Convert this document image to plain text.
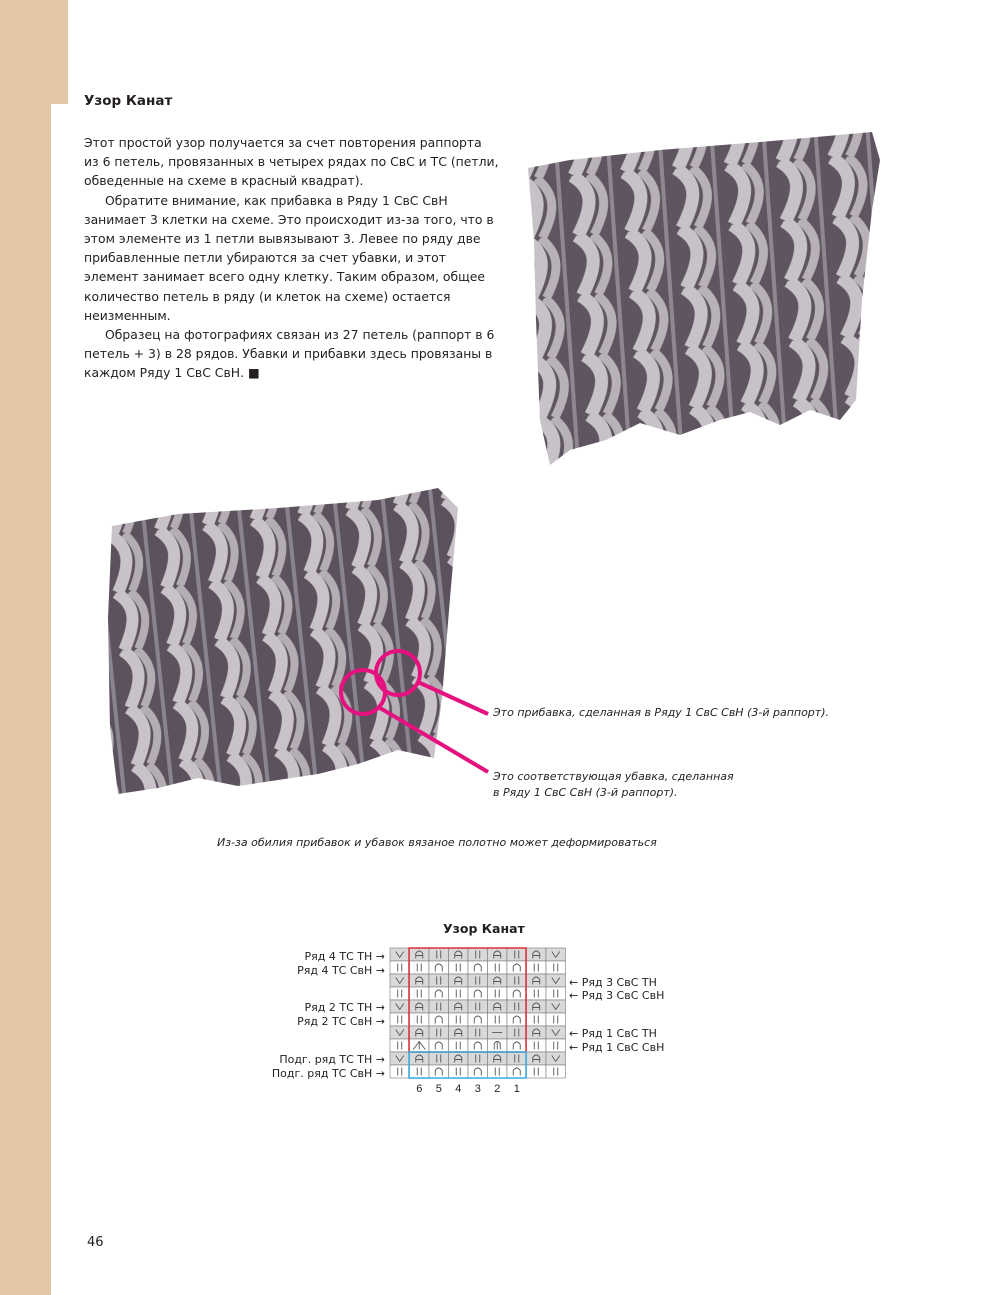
Узор Канат

Этот простой узор получается за счет повторения раппорта из 6 петель, провязанных в четырех рядах по СвС и ТС (петли, обведенные на схеме в красный квадрат).

Обратите внимание, как прибавка в Ряду 1 СвС СвН занимает 3 клетки на схеме. Это происходит из-за того, что в этом элементе из 1 петли вывязывают 3. Левее по ряду две прибавленные петли убираются за счет убавки, и этот элемент занимает всего одну клетку. Таким образом, общее количество петель в ряду (и клеток на схеме) остается неизменным.

Образец на фотографиях связан из 27 петель (раппорт в 6 петель + 3) в 28 рядов. Убавки и прибавки здесь провязаны в каждом Ряду 1 СвС СвН. ■

Это прибавка, сделанная в Ряду 1 СвС СвН (3-й раппорт).
Это соответствующая убавка, сделанная
в Ряду 1 СвС СвН (3-й раппорт).
Из-за обилия прибавок и убавок вязаное полотно может деформироваться
Узор Канат
Ряд 4 ТС ТН →
Ряд 4 ТС СвН →
Ряд 2 ТС ТН →
Ряд 2 ТС СвН →
Подг. ряд ТС ТН →
Подг. ряд ТС СвН →
← Ряд 3 СвС ТН
← Ряд 3 СвС СвН
← Ряд 1 СвС ТН
← Ряд 1 СвС СвН
6 5 4 3 2 1
46
